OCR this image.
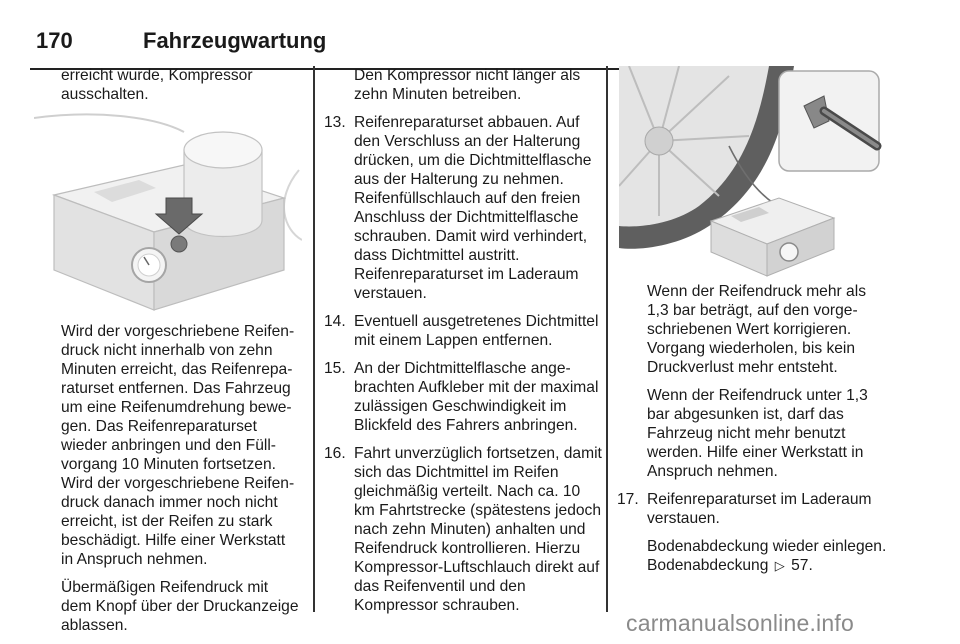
170	Fahrzeugwartung

erreicht wurde, Kompressor ausschalten.

Wird der vorgeschriebene Reifendruck nicht innerhalb von zehn Minuten erreicht, das Reifenreparaturset entfernen. Das Fahrzeug um eine Reifenumdrehung bewegen. Das Reifenreparaturset wieder anbringen und den Füllvorgang 10 Minuten fortsetzen. Wird der vorgeschriebene Reifendruck danach immer noch nicht erreicht, ist der Reifen zu stark beschädigt. Hilfe einer Werkstatt in Anspruch nehmen.

Übermäßigen Reifendruck mit dem Knopf über der Druckanzeige ablassen.

Den Kompressor nicht länger als zehn Minuten betreiben.

13. Reifenreparaturset abbauen. Auf den Verschluss an der Halterung drücken, um die Dichtmittelflasche aus der Halterung zu nehmen. Reifenfüllschlauch auf den freien Anschluss der Dichtmittelflasche schrauben. Damit wird verhindert, dass Dichtmittel austritt. Reifenreparaturset im Laderaum verstauen.
14. Eventuell ausgetretenes Dichtmittel mit einem Lappen entfernen.
15. An der Dichtmittelflasche angebrachten Aufkleber mit der maximal zulässigen Geschwindigkeit im Blickfeld des Fahrers anbringen.
16. Fahrt unverzüglich fortsetzen, damit sich das Dichtmittel im Reifen gleichmäßig verteilt. Nach ca. 10 km Fahrtstrecke (spätestens jedoch nach zehn Minuten) anhalten und Reifendruck kontrollieren. Hierzu Kompressor-Luftschlauch direkt auf das Reifenventil und den Kompressor schrauben.

Wenn der Reifendruck mehr als 1,3 bar beträgt, auf den vorgeschriebenen Wert korrigieren. Vorgang wiederholen, bis kein Druckverlust mehr entsteht.

Wenn der Reifendruck unter 1,3 bar abgesunken ist, darf das Fahrzeug nicht mehr benutzt werden. Hilfe einer Werkstatt in Anspruch nehmen.

17. Reifenreparaturset im Laderaum verstauen.

Bodenabdeckung wieder einlegen. Bodenabdeckung ▷ 57.

carmanualsonline.info
